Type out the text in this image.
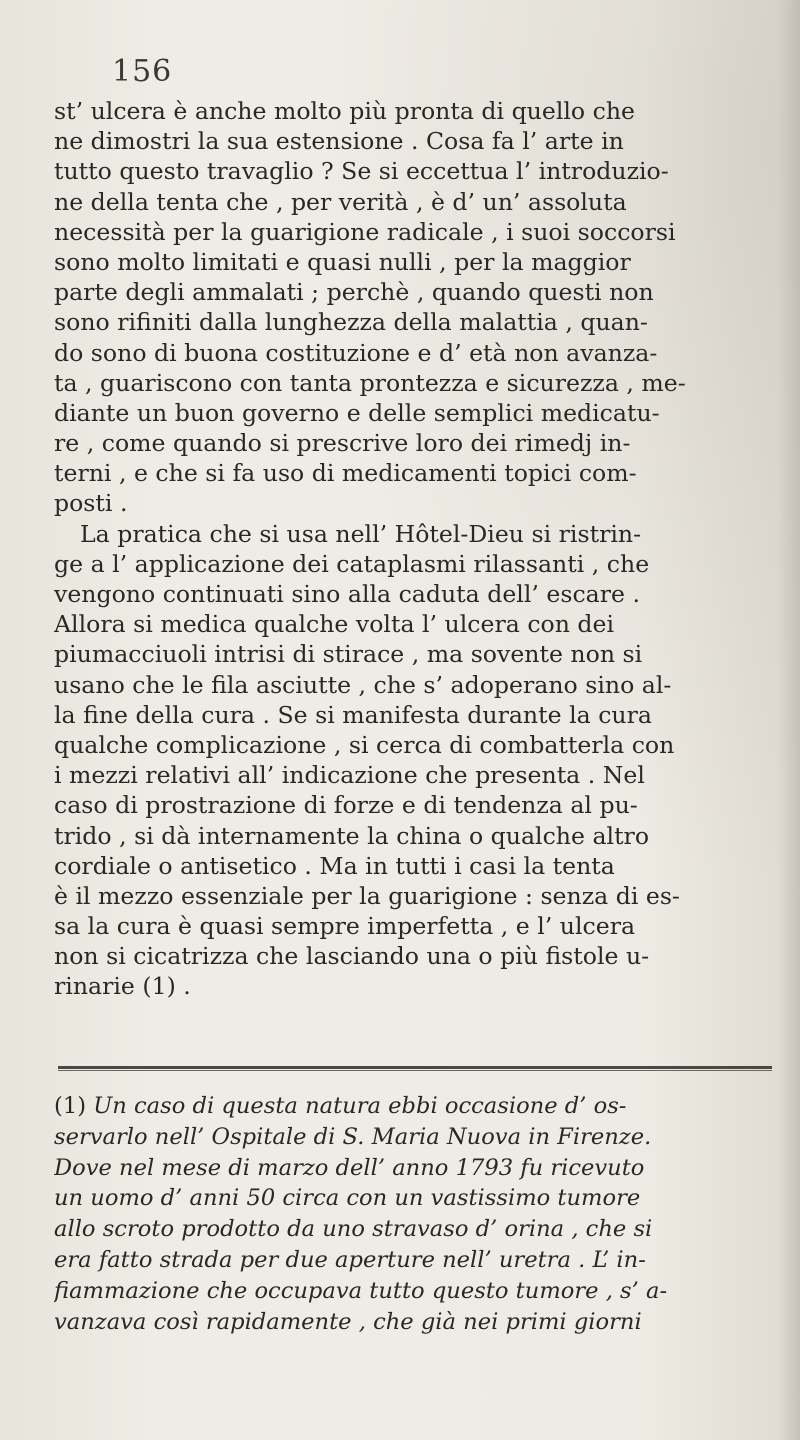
156
st’ ulcera è anche molto più pronta di quello che
ne dimostri la sua estensione . Cosa fa l’ arte in
tutto questo travaglio ? Se si eccettua l’ introduzio-
ne della tenta che , per verità , è d’ un’ assoluta
necessità per la guarigione radicale , i suoi soccorsi
sono molto limitati e quasi nulli , per la maggior
parte degli ammalati ; perchè , quando questi non
sono rifiniti dalla lunghezza della malattia , quan-
do sono di buona costituzione e d’ età non avanza-
ta , guariscono con tanta prontezza e sicurezza , me-
diante un buon governo e delle semplici medicatu-
re , come quando si prescrive loro dei rimedj in-
terni , e che si fa uso di medicamenti topici com-
posti .
La pratica che si usa nell’ Hôtel-Dieu si ristrin-
ge a l’ applicazione dei cataplasmi rilassanti , che
vengono continuati sino alla caduta dell’ escare .
Allora si medica qualche volta l’ ulcera con dei
piumacciuoli intrisi di stirace , ma sovente non si
usano che le fila asciutte , che s’ adoperano sino al-
la fine della cura . Se si manifesta durante la cura
qualche complicazione , si cerca di combatterla con
i mezzi relativi all’ indicazione che presenta . Nel
caso di prostrazione di forze e di tendenza al pu-
trido , si dà internamente la china o qualche altro
cordiale o antisetico . Ma in tutti i casi la tenta
è il mezzo essenziale per la guarigione : senza di es-
sa la cura è quasi sempre imperfetta , e l’ ulcera
non si cicatrizza che lasciando una o più fistole u-
rinarie (1) .
(1) Un caso di questa natura ebbi occasione d’ os-
servarlo nell’ Ospitale di S. Maria Nuova in Firenze.
Dove nel mese di marzo dell’ anno 1793 fu ricevuto
un uomo d’ anni 50 circa con un vastissimo tumore
allo scroto prodotto da uno stravaso d’ orina , che si
era fatto strada per due aperture nell’ uretra . L’ in-
fiammazione che occupava tutto questo tumore , s’ a-
vanzava così rapidamente , che già nei primi giorni
